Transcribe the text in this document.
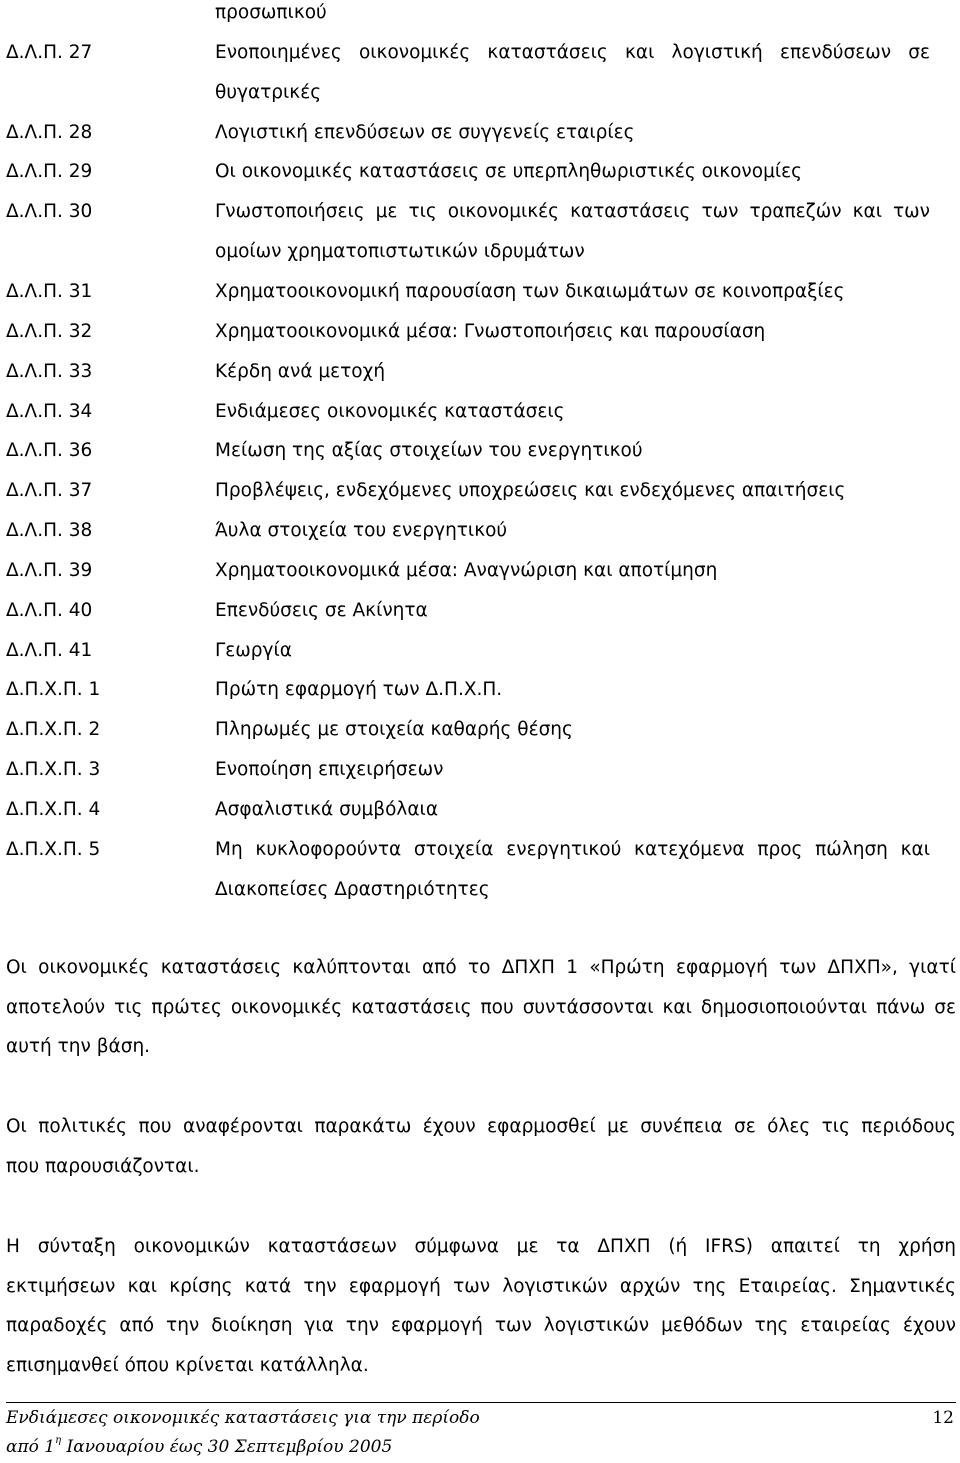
προσωπικού
Δ.Λ.Π. 27	Ενοποιημένες οικονομικές καταστάσεις και λογιστική επενδύσεων σε
θυγατρικές
Δ.Λ.Π. 28	Λογιστική επενδύσεων σε συγγενείς εταιρίες
Δ.Λ.Π. 29	Οι οικονομικές καταστάσεις σε υπερπληθωριστικές οικονομίες
Δ.Λ.Π. 30	Γνωστοποιήσεις με τις οικονομικές καταστάσεις των τραπεζών και των
ομοίων χρηματοπιστωτικών ιδρυμάτων
Δ.Λ.Π. 31	Χρηματοοικονομική παρουσίαση των δικαιωμάτων σε κοινοπραξίες
Δ.Λ.Π. 32	Χρηματοοικονομικά μέσα: Γνωστοποιήσεις και παρουσίαση
Δ.Λ.Π. 33	Κέρδη ανά μετοχή
Δ.Λ.Π. 34	Ενδιάμεσες οικονομικές καταστάσεις
Δ.Λ.Π. 36	Μείωση της αξίας στοιχείων του ενεργητικού
Δ.Λ.Π. 37	Προβλέψεις, ενδεχόμενες υποχρεώσεις και ενδεχόμενες απαιτήσεις
Δ.Λ.Π. 38	Άυλα στοιχεία του ενεργητικού
Δ.Λ.Π. 39	Χρηματοοικονομικά μέσα: Αναγνώριση και αποτίμηση
Δ.Λ.Π. 40	Επενδύσεις σε Ακίνητα
Δ.Λ.Π. 41	Γεωργία
Δ.Π.Χ.Π. 1	Πρώτη εφαρμογή των Δ.Π.Χ.Π.
Δ.Π.Χ.Π. 2	Πληρωμές με στοιχεία καθαρής θέσης
Δ.Π.Χ.Π. 3	Ενοποίηση επιχειρήσεων
Δ.Π.Χ.Π. 4	Ασφαλιστικά συμβόλαια
Δ.Π.Χ.Π. 5	Μη κυκλοφορούντα στοιχεία ενεργητικού κατεχόμενα προς πώληση και
Διακοπείσες Δραστηριότητες
Οι οικονομικές καταστάσεις καλύπτονται από το ΔΠΧΠ 1 «Πρώτη εφαρμογή των ΔΠΧΠ», γιατί
αποτελούν τις πρώτες οικονομικές καταστάσεις που συντάσσονται και δημοσιοποιούνται πάνω σε
αυτή την βάση.
Οι πολιτικές που αναφέρονται παρακάτω έχουν εφαρμοσθεί με συνέπεια σε όλες τις περιόδους
που παρουσιάζονται.
Η σύνταξη οικονομικών καταστάσεων σύμφωνα με τα ΔΠΧΠ (ή IFRS) απαιτεί τη χρήση
εκτιμήσεων και κρίσης κατά την εφαρμογή των λογιστικών αρχών της Εταιρείας. Σημαντικές
παραδοχές από την διοίκηση για την εφαρμογή των λογιστικών μεθόδων της εταιρείας έχουν
επισημανθεί όπου κρίνεται κατάλληλα.
Ενδιάμεσες οικονομικές καταστάσεις για την περίοδο
από $1^\eta$ Ιανουαρίου έως 30 Σεπτεμβρίου 2005
12
